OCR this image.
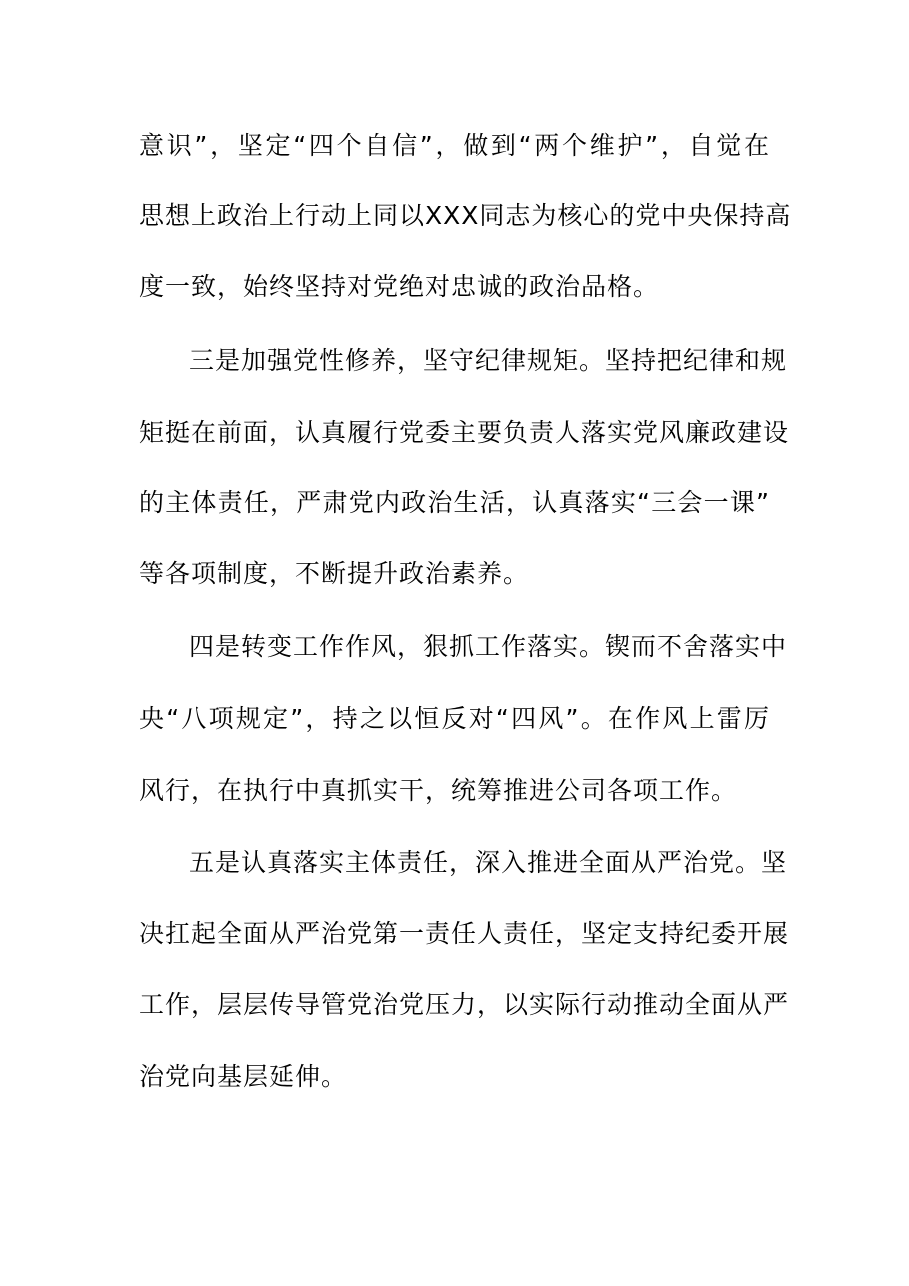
意识”，坚定“四个自信”，做到“两个维护”，自觉在
思想上政治上行动上同以XXX同志为核心的党中央保持高
度一致，始终坚持对党绝对忠诚的政治品格。
三是加强党性修养，坚守纪律规矩。坚持把纪律和规
矩挺在前面，认真履行党委主要负责人落实党风廉政建设
的主体责任，严肃党内政治生活，认真落实“三会一课”
等各项制度，不断提升政治素养。
四是转变工作作风，狠抓工作落实。锲而不舍落实中
央“八项规定”，持之以恒反对“四风”。在作风上雷厉
风行，在执行中真抓实干，统筹推进公司各项工作。
五是认真落实主体责任，深入推进全面从严治党。坚
决扛起全面从严治党第一责任人责任，坚定支持纪委开展
工作，层层传导管党治党压力，以实际行动推动全面从严
治党向基层延伸。
